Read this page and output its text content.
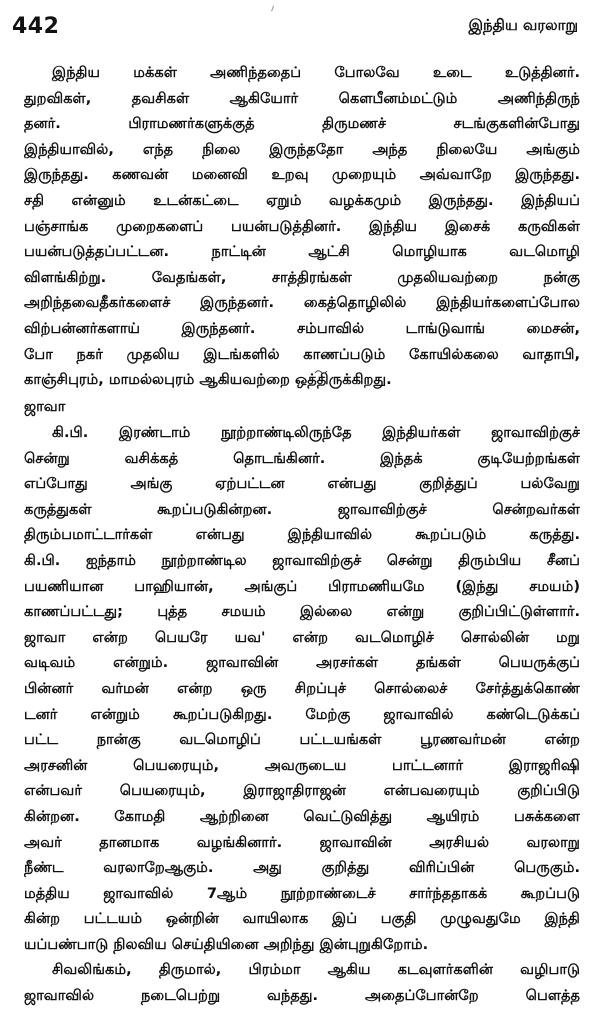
442	இந்திய வரலாறு

இந்திய மக்கள் அணிந்ததைப் போலவே உடை உடுத்தினர்.
துறவிகள், தவசிகள் ஆகியோர் கௌபீனம்மட்டும் அணிந்திருந்
தனர். பிராமணர்களுக்குத் திருமணச் சடங்குகளின்போது
இந்தியாவில், எந்த நிலை இருந்ததோ அந்த நிலையே அங்கும்
இருந்தது. கணவன் மனைவி உறவு முறையும் அவ்வாறே இருந்தது.
சதி என்னும் உடன்கட்டை ஏறும் வழக்கமும் இருந்தது. இந்தியப்
பஞ்சாங்க முறைகளைப் பயன்படுத்தினர். இந்திய இசைக் கருவிகள்
பயன்படுத்தப்பட்டன. நாட்டின் ஆட்சி மொழியாக வடமொழி
விளங்கிற்று. வேதங்கள், சாத்திரங்கள் முதலியவற்றை நன்கு
அறிந்தவைதீகர்களைச் இருந்தனர். கைத்தொழிலில் இந்தியர்களைப்போல
விற்பன்னர்களாய் இருந்தனர். சம்பாவில் டாங்டுவாங் மைசன்,
போ நகர் முதலிய இடங்களில் காணப்படும் கோயில்கலை வாதாபி,
காஞ்சிபுரம், மாமல்லபுரம் ஆகியவற்றை ஒத்திருக்கிறது.

ஜாவா

கி.பி. இரண்டாம் நூற்றாண்டிலிருந்தே இந்தியர்கள் ஜாவாவிற்குச்
சென்று வசிக்கத் தொடங்கினர். இந்தக் குடியேற்றங்கள்
எப்போது அங்கு ஏற்பட்டன என்பது குறித்துப் பல்வேறு
கருத்துகள் கூறப்படுகின்றன. ஜாவாவிற்குச் சென்றவர்கள்
திரும்பமாட்டார்கள் என்பது இந்தியாவில் கூறப்படும் கருத்து.
கி.பி. ஐந்தாம் நூற்றாண்டில ஜாவாவிற்குச் சென்று திரும்பிய சீனப்
பயணியான பாஹியான், அங்குப் பிராமணியமே (இந்து சமயம்)
காணப்பட்டது; புத்த சமயம் இல்லை என்று குறிப்பிட்டுள்ளார்.
ஜாவா என்ற பெயரே யவ' என்ற வடமொழிச் சொல்லின் மறு
வடிவம் என்றும். ஜாவாவின் அரசர்கள் தங்கள் பெயருக்குப்
பின்னர் வர்மன் என்ற ஒரு சிறப்புச் சொல்லைச் சேர்த்துக்கொண்
டனர் என்றும் கூறப்படுகிறது. மேற்கு ஜாவாவில் கண்டெடுக்கப்
பட்ட நான்கு வடமொழிப் பட்டயங்கள் பூரணவர்மன் என்ற
அரசனின் பெயரையும், அவருடைய பாட்டனார் இராஜரிஷி
என்பவர் பெயரையும், இராஜாதிராஜன் என்பவரையும் குறிப்பிடு
கின்றன. கோமதி ஆற்றினை வெட்டுவித்து ஆயிரம் பசுக்களை
அவர் தானமாக வழங்கினார். ஜாவாவின் அரசியல் வரலாறு
நீண்ட வரலாறேஆகும். அது குறித்து விரிப்பின் பெருகும்.
மத்திய ஜாவாவில் 7ஆம் நூற்றாண்டைச் சார்ந்ததாகக் கூறப்படு
கின்ற பட்டயம் ஒன்றின் வாயிலாக இப் பகுதி முழுவதுமே இந்தி
யப்பண்பாடு நிலவிய செய்தியினை அறிந்து இன்புறுகிறோம்.

சிவலிங்கம், திருமால், பிரம்மா ஆகிய கடவுளர்களின் வழிபாடு
ஜாவாவில் நடைபெற்று வந்தது. அதைப்போன்றே பௌத்த
